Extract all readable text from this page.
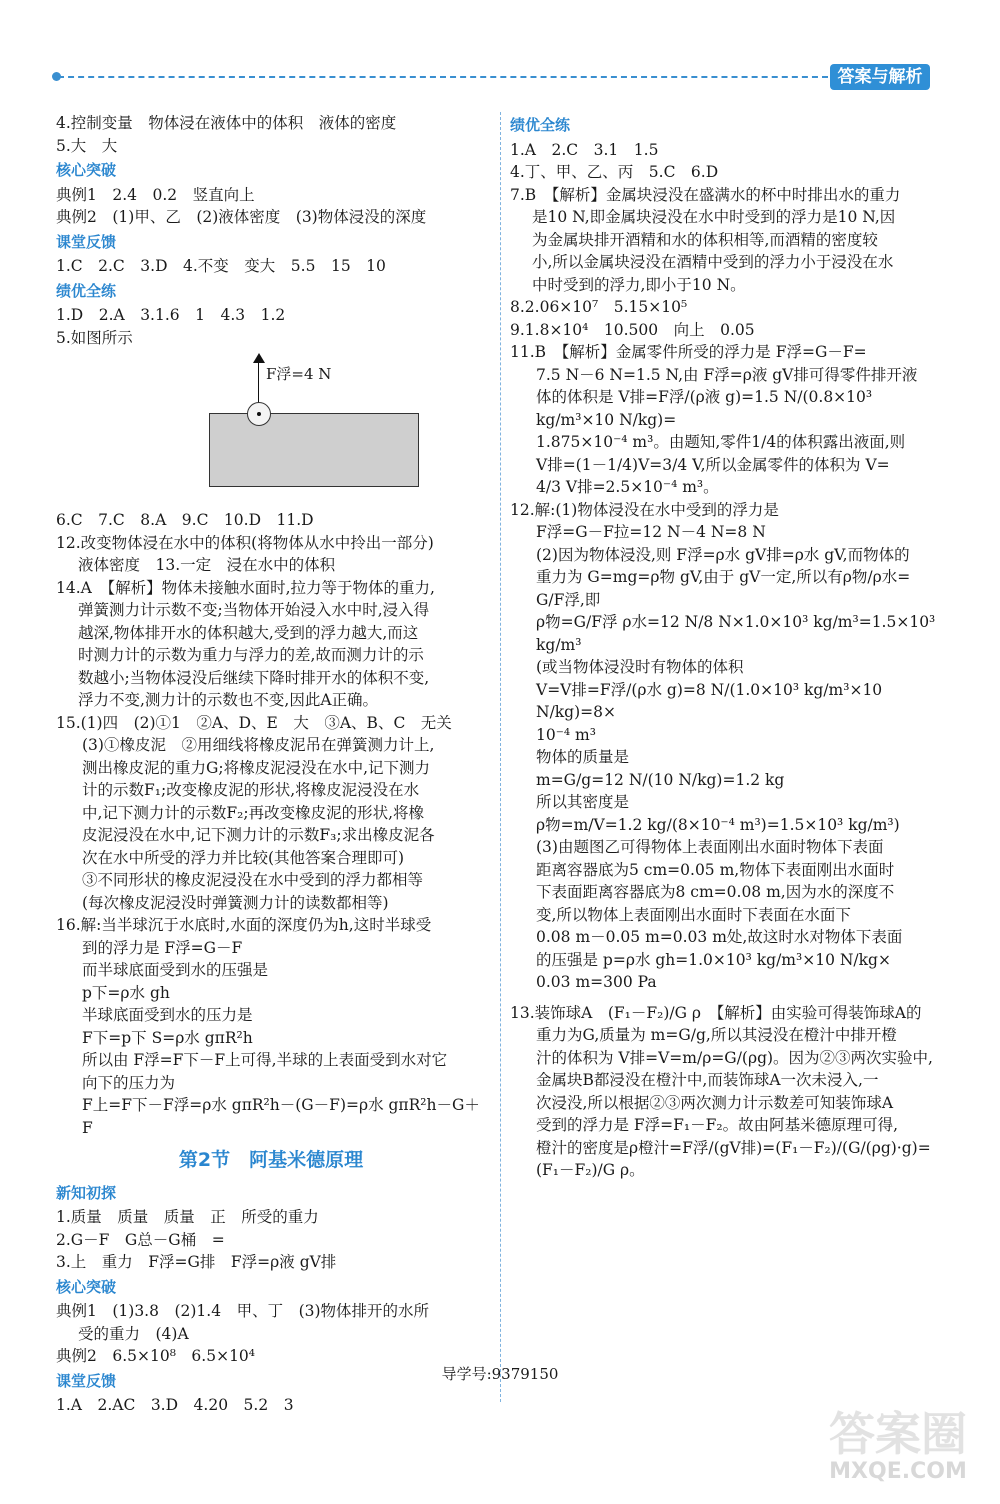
答案与解析
4.控制变量　物体浸在液体中的体积　液体的密度
5.大　大
核心突破
典例1　2.4　0.2　竖直向上
典例2　(1)甲、乙　(2)液体密度　(3)物体浸没的深度
课堂反馈
1.C　2.C　3.D　4.不变　变大　5.5　15　10
绩优全练
1.D　2.A　3.1.6　1　4.3　1.2
5.如图所示
F浮=4 N
6.C　7.C　8.A　9.C　10.D　11.D
12.改变物体浸在水中的体积(将物体从水中拎出一部分)
液体密度　13.一定　浸在水中的体积
14.A　【解析】物体未接触水面时,拉力等于物体的重力,
弹簧测力计示数不变;当物体开始浸入水中时,浸入得
越深,物体排开水的体积越大,受到的浮力越大,而这
时测力计的示数为重力与浮力的差,故而测力计的示
数越小;当物体浸没后继续下降时排开水的体积不变,
浮力不变,测力计的示数也不变,因此A正确。
15.(1)四　(2)①1　②A、D、E　大　③A、B、C　无关
(3)①橡皮泥　②用细线将橡皮泥吊在弹簧测力计上,
测出橡皮泥的重力G;将橡皮泥浸没在水中,记下测力
计的示数F₁;改变橡皮泥的形状,将橡皮泥浸没在水
中,记下测力计的示数F₂;再改变橡皮泥的形状,将橡
皮泥浸没在水中,记下测力计的示数F₃;求出橡皮泥各
次在水中所受的浮力并比较(其他答案合理即可)
③不同形状的橡皮泥浸没在水中受到的浮力都相等
(每次橡皮泥浸没时弹簧测力计的读数都相等)
16.解:当半球沉于水底时,水面的深度仍为h,这时半球受
到的浮力是 F浮=G－F
而半球底面受到水的压强是
p下=ρ水 gh
半球底面受到水的压力是
F下=p下 S=ρ水 gπR²h
所以由 F浮=F下－F上可得,半球的上表面受到水对它
向下的压力为
F上=F下－F浮=ρ水 gπR²h－(G－F)=ρ水 gπR²h－G＋F
第2节　阿基米德原理
新知初探
1.质量　质量　质量　正　所受的重力
2.G－F　G总－G桶　=
3.上　重力　F浮=G排　F浮=ρ液 gV排
核心突破
典例1　(1)3.8　(2)1.4　甲、丁　(3)物体排开的水所
受的重力　(4)A
典例2　6.5×10⁸　6.5×10⁴
课堂反馈
1.A　2.AC　3.D　4.20　5.2　3
绩优全练
1.A　2.C　3.1　1.5
4.丁、甲、乙、丙　5.C　6.D
7.B　【解析】金属块浸没在盛满水的杯中时排出水的重力
是10 N,即金属块浸没在水中时受到的浮力是10 N,因
为金属块排开酒精和水的体积相等,而酒精的密度较
小,所以金属块浸没在酒精中受到的浮力小于浸没在水
中时受到的浮力,即小于10 N。
8.2.06×10⁷　5.15×10⁵
9.1.8×10⁴　10.500　向上　0.05
11.B　【解析】金属零件所受的浮力是 F浮=G－F=
7.5 N－6 N=1.5 N,由 F浮=ρ液 gV排可得零件排开液
体的体积是 V排=F浮/(ρ液 g)=1.5 N/(0.8×10³ kg/m³×10 N/kg)=
1.875×10⁻⁴ m³。由题知,零件1/4的体积露出液面,则
V排=(1－1/4)V=3/4 V,所以金属零件的体积为 V=
4/3 V排=2.5×10⁻⁴ m³。
12.解:(1)物体浸没在水中受到的浮力是
F浮=G－F拉=12 N－4 N=8 N
(2)因为物体浸没,则 F浮=ρ水 gV排=ρ水 gV,而物体的
重力为 G=mg=ρ物 gV,由于 gV一定,所以有ρ物/ρ水=
G/F浮,即
ρ物=G/F浮 ρ水=12 N/8 N×1.0×10³ kg/m³=1.5×10³ kg/m³
(或当物体浸没时有物体的体积
V=V排=F浮/(ρ水 g)=8 N/(1.0×10³ kg/m³×10 N/kg)=8×
10⁻⁴ m³
物体的质量是
m=G/g=12 N/(10 N/kg)=1.2 kg
所以其密度是
ρ物=m/V=1.2 kg/(8×10⁻⁴ m³)=1.5×10³ kg/m³)
(3)由题图乙可得物体上表面刚出水面时物体下表面
距离容器底为5 cm=0.05 m,物体下表面刚出水面时
下表面距离容器底为8 cm=0.08 m,因为水的深度不
变,所以物体上表面刚出水面时下表面在水面下
0.08 m－0.05 m=0.03 m处,故这时水对物体下表面
的压强是 p=ρ水 gh=1.0×10³ kg/m³×10 N/kg×
0.03 m=300 Pa
13.装饰球A　(F₁－F₂)/G ρ　【解析】由实验可得装饰球A的
重力为G,质量为 m=G/g,所以其浸没在橙汁中排开橙
汁的体积为 V排=V=m/ρ=G/(ρg)。因为②③两次实验中,
金属块B都浸没在橙汁中,而装饰球A一次未浸入,一
次浸没,所以根据②③两次测力计示数差可知装饰球A
受到的浮力是 F浮=F₁－F₂。故由阿基米德原理可得,
橙汁的密度是ρ橙汁=F浮/(gV排)=(F₁－F₂)/(G/(ρg)·g)=(F₁－F₂)/G ρ。
导学号:9379150
答案圈
MXQE.COM
